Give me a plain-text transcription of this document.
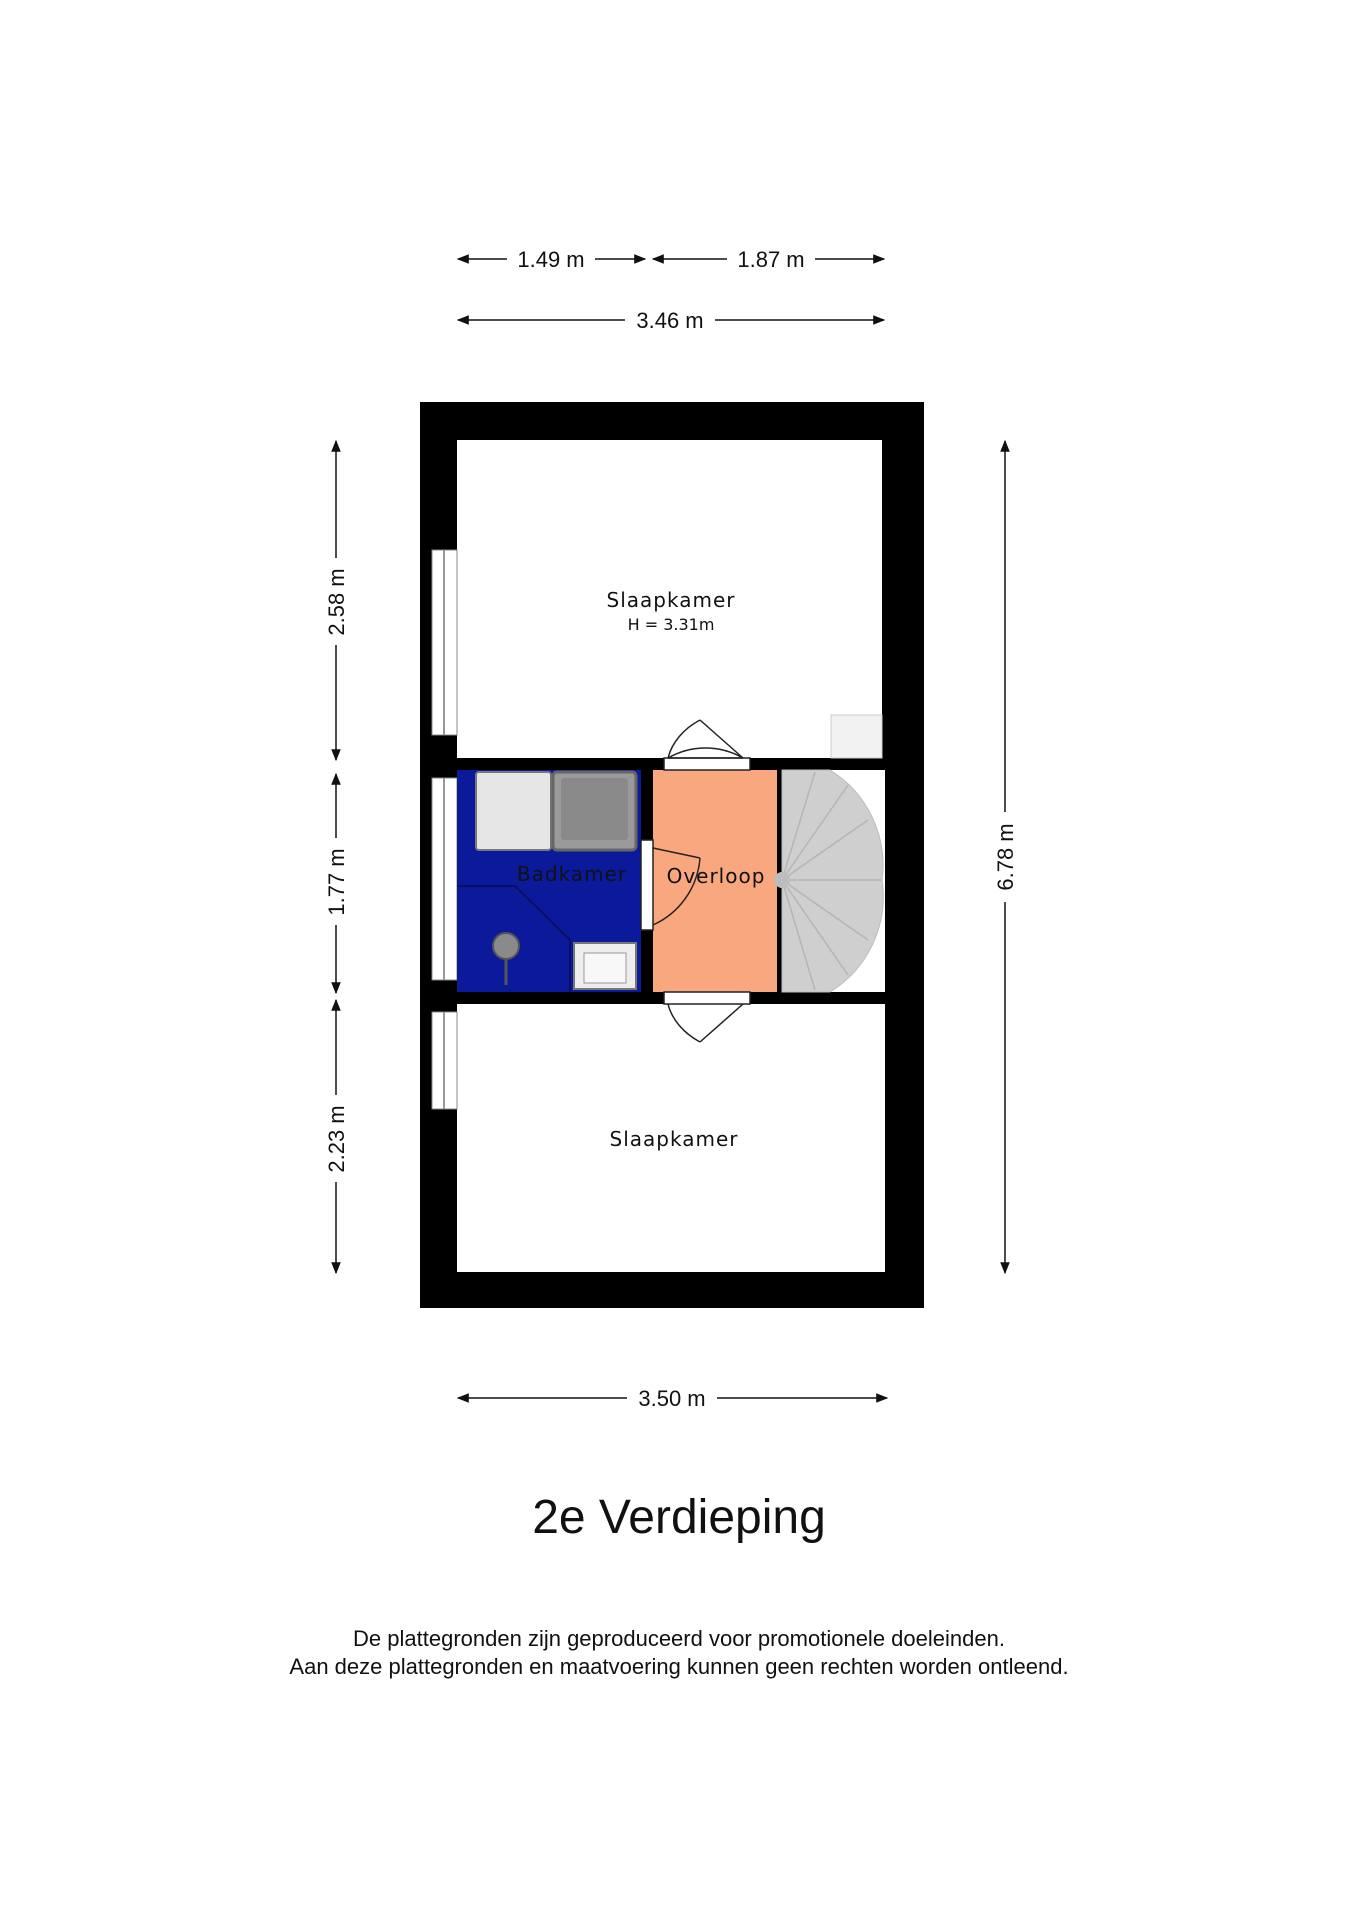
Slaapkamer
H = 3.31m
Badkamer Overloop
Slaapkamer
1.49 m	1.87 m
3.46 m
3.50 m
2.58 m
1.77 m
2.23 m
6.78 m
2e Verdieping
De plattegronden zijn geproduceerd voor promotionele doeleinden.
Aan deze plattegronden en maatvoering kunnen geen rechten worden ontleend.
